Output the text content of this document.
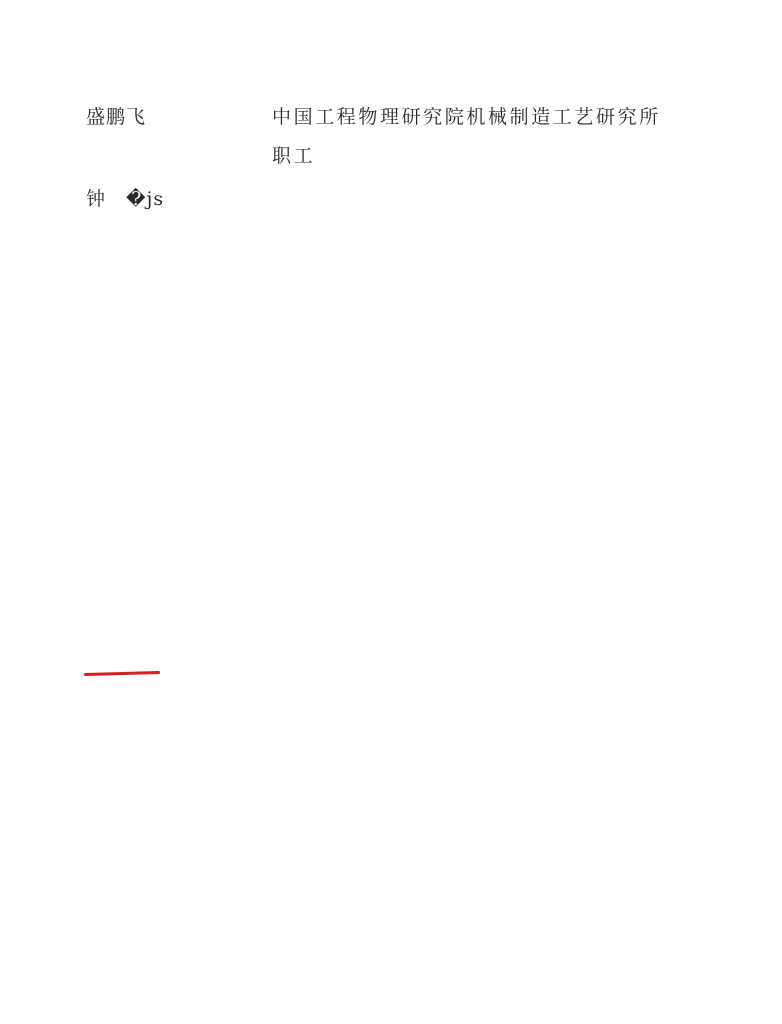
盛鹏飞	中国工程物理研究院机械制造工艺研究所
职工
钟　�js
